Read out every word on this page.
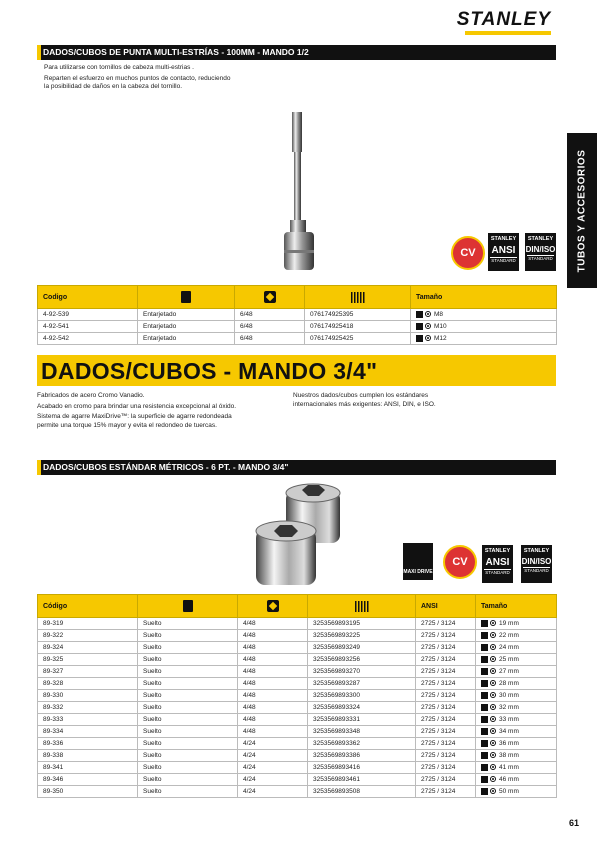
STANLEY
TUBOS Y ACCESORIOS
DADOS/CUBOS DE PUNTA MULTI-ESTRÍAS - 100MM - MANDO 1/2
Para utilizarse con tornillos de cabeza multi-estrias .
Reparten el esfuerzo en muchos puntos de contacto, reduciendo
la posibilidad de daños en la cabeza del tornillo.
CV
STANLEY
ANSI
STANDARD
STANLEY
DIN/ISO
STANDARD
Codigo				Tamaño
4-92-539	Entarjetado	6/48	076174925395	M8
4-92-541	Entarjetado	6/48	076174925418	M10
4-92-542	Entarjetado	6/48	076174925425	M12
DADOS/CUBOS - MANDO 3/4"
Fabricados de acero Cromo Vanadio.
Acabado en cromo para brindar una resistencia excepcional al óxido.
Sistema de agarre MaxiDrive™: la superficie de agarre redondeada
permite una torque 15% mayor y evita el redondeo de tuercas.
Nuestros dados/cubos cumplen los estándares
internacionales más exigentes: ANSI, DIN, e ISO.
DADOS/CUBOS ESTÁNDAR MÉTRICOS - 6 PT. - MANDO 3/4"
MAXI DRIVE
CV
STANLEY
ANSI
STANDARD
STANLEY
DIN/ISO
STANDARD
Código				ANSI	Tamaño
89-319	Suelto	4/48	3253569893195	2725 / 3124	19 mm
89-322	Suelto	4/48	3253569893225	2725 / 3124	22 mm
89-324	Suelto	4/48	3253569893249	2725 / 3124	24 mm
89-325	Suelto	4/48	3253569893256	2725 / 3124	25 mm
89-327	Suelto	4/48	3253569893270	2725 / 3124	27 mm
89-328	Suelto	4/48	3253569893287	2725 / 3124	28 mm
89-330	Suelto	4/48	3253569893300	2725 / 3124	30 mm
89-332	Suelto	4/48	3253569893324	2725 / 3124	32 mm
89-333	Suelto	4/48	3253569893331	2725 / 3124	33 mm
89-334	Suelto	4/48	3253569893348	2725 / 3124	34 mm
89-336	Suelto	4/24	3253569893362	2725 / 3124	36 mm
89-338	Suelto	4/24	3253569893386	2725 / 3124	38 mm
89-341	Suelto	4/24	3253569893416	2725 / 3124	41 mm
89-346	Suelto	4/24	3253569893461	2725 / 3124	46 mm
89-350	Suelto	4/24	3253569893508	2725 / 3124	50 mm
61
